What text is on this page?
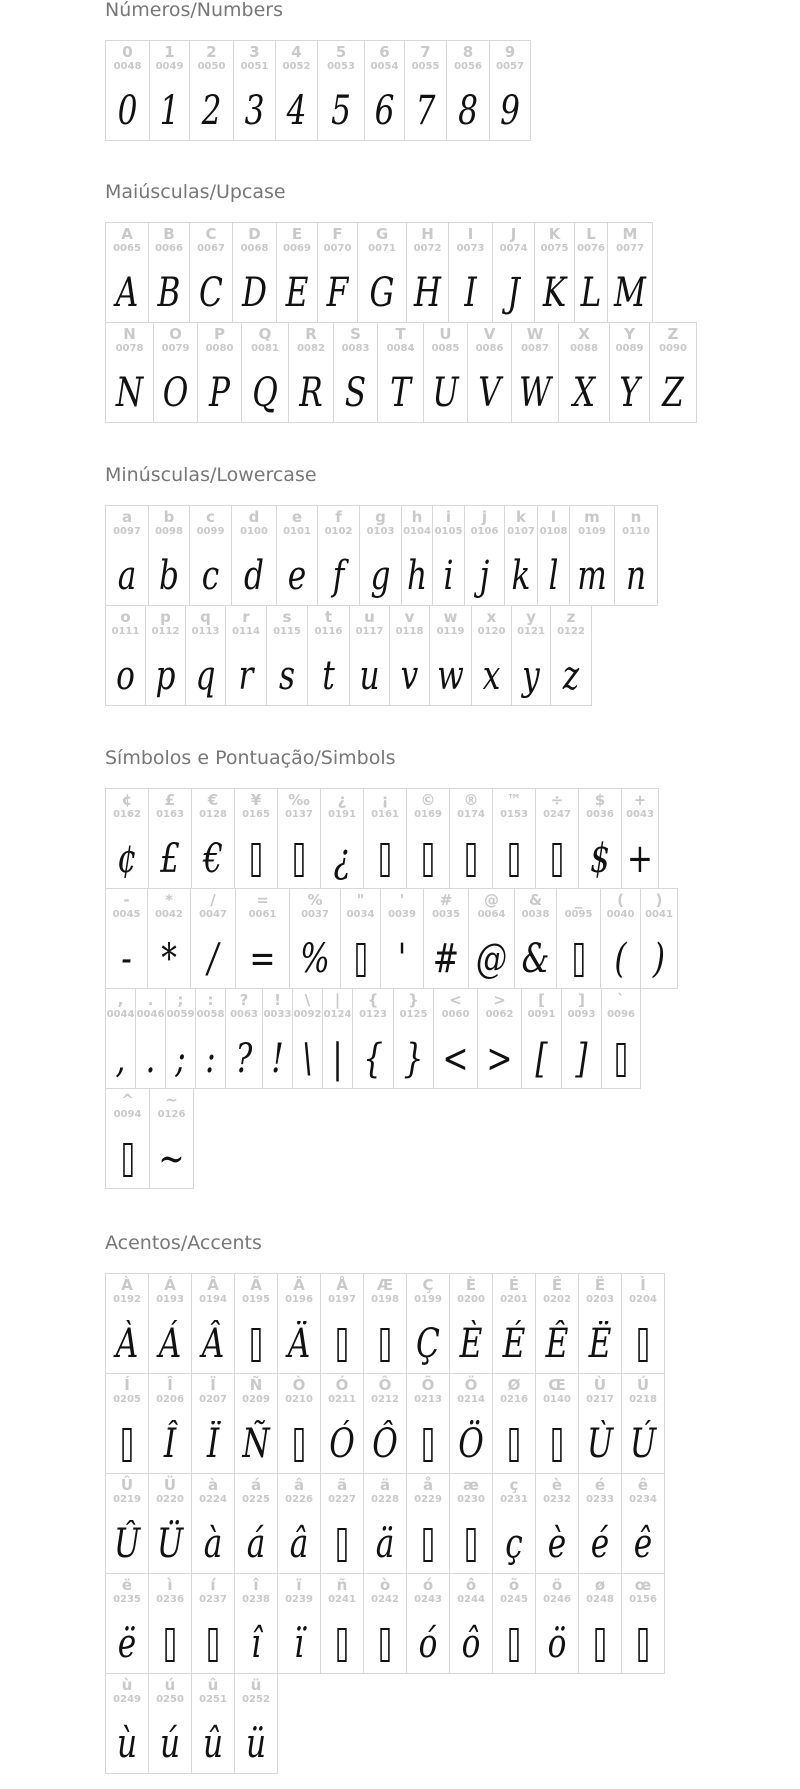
Números/Numbers
0
0048
0
1
0049
1
2
0050
2
3
0051
3
4
0052
4
5
0053
5
6
0054
6
7
0055
7
8
0056
8
9
0057
9
Maiúsculas/Upcase
A
0065
A
B
0066
B
C
0067
C
D
0068
D
E
0069
E
F
0070
F
G
0071
G
H
0072
H
I
0073
I
J
0074
J
K
0075
K
L
0076
L
M
0077
M
N
0078
N
O
0079
O
P
0080
P
Q
0081
Q
R
0082
R
S
0083
S
T
0084
T
U
0085
U
V
0086
V
W
0087
W
X
0088
X
Y
0089
Y
Z
0090
Z
Minúsculas/Lowercase
a
0097
a
b
0098
b
c
0099
c
d
0100
d
e
0101
e
f
0102
f
g
0103
g
h
0104
h
i
0105
i
j
0106
j
k
0107
k
l
0108
l
m
0109
m
n
0110
n
o
0111
o
p
0112
p
q
0113
q
r
0114
r
s
0115
s
t
0116
t
u
0117
u
v
0118
v
w
0119
w
x
0120
x
y
0121
y
z
0122
z
Símbolos e Pontuação/Simbols
¢
0162
¢
£
0163
£
€
0128
€
¥
0165
‰
0137
¿
0191
¿
¡
0161
©
0169
®
0174
™
0153
÷
0247
$
0036
$
+
0043
+
-
0045
-
*
0042
*
/
0047
/
=
0061
=
%
0037
%
"
0034
'
0039
'
#
0035
#
@
0064
@
&
0038
&
_
0095
(
0040
(
)
0041
)
,
0044
,
.
0046
.
;
0059
;
:
0058
:
?
0063
?
!
0033
!
\
0092
\
|
0124
|
{
0123
{
}
0125
}
<
0060
<
>
0062
>
[
0091
[
]
0093
]
`
0096
^
0094
~
0126
~
Acentos/Accents
À
0192
À
Á
0193
Á
Â
0194
Â
Ã
0195
Ä
0196
Ä
Å
0197
Æ
0198
Ç
0199
Ç
È
0200
È
É
0201
É
Ê
0202
Ê
Ë
0203
Ë
Ì
0204
Í
0205
Î
0206
Î
Ï
0207
Ï
Ñ
0209
Ñ
Ò
0210
Ó
0211
Ó
Ô
0212
Ô
Õ
0213
Ö
0214
Ö
Ø
0216
Œ
0140
Ù
0217
Ù
Ú
0218
Ú
Û
0219
Û
Ü
0220
Ü
à
0224
à
á
0225
á
â
0226
â
ã
0227
ä
0228
ä
å
0229
æ
0230
ç
0231
ç
è
0232
è
é
0233
é
ê
0234
ê
ë
0235
ë
ì
0236
í
0237
î
0238
î
ï
0239
ï
ñ
0241
ò
0242
ó
0243
ó
ô
0244
ô
õ
0245
ö
0246
ö
ø
0248
œ
0156
ù
0249
ù
ú
0250
ú
û
0251
û
ü
0252
ü
